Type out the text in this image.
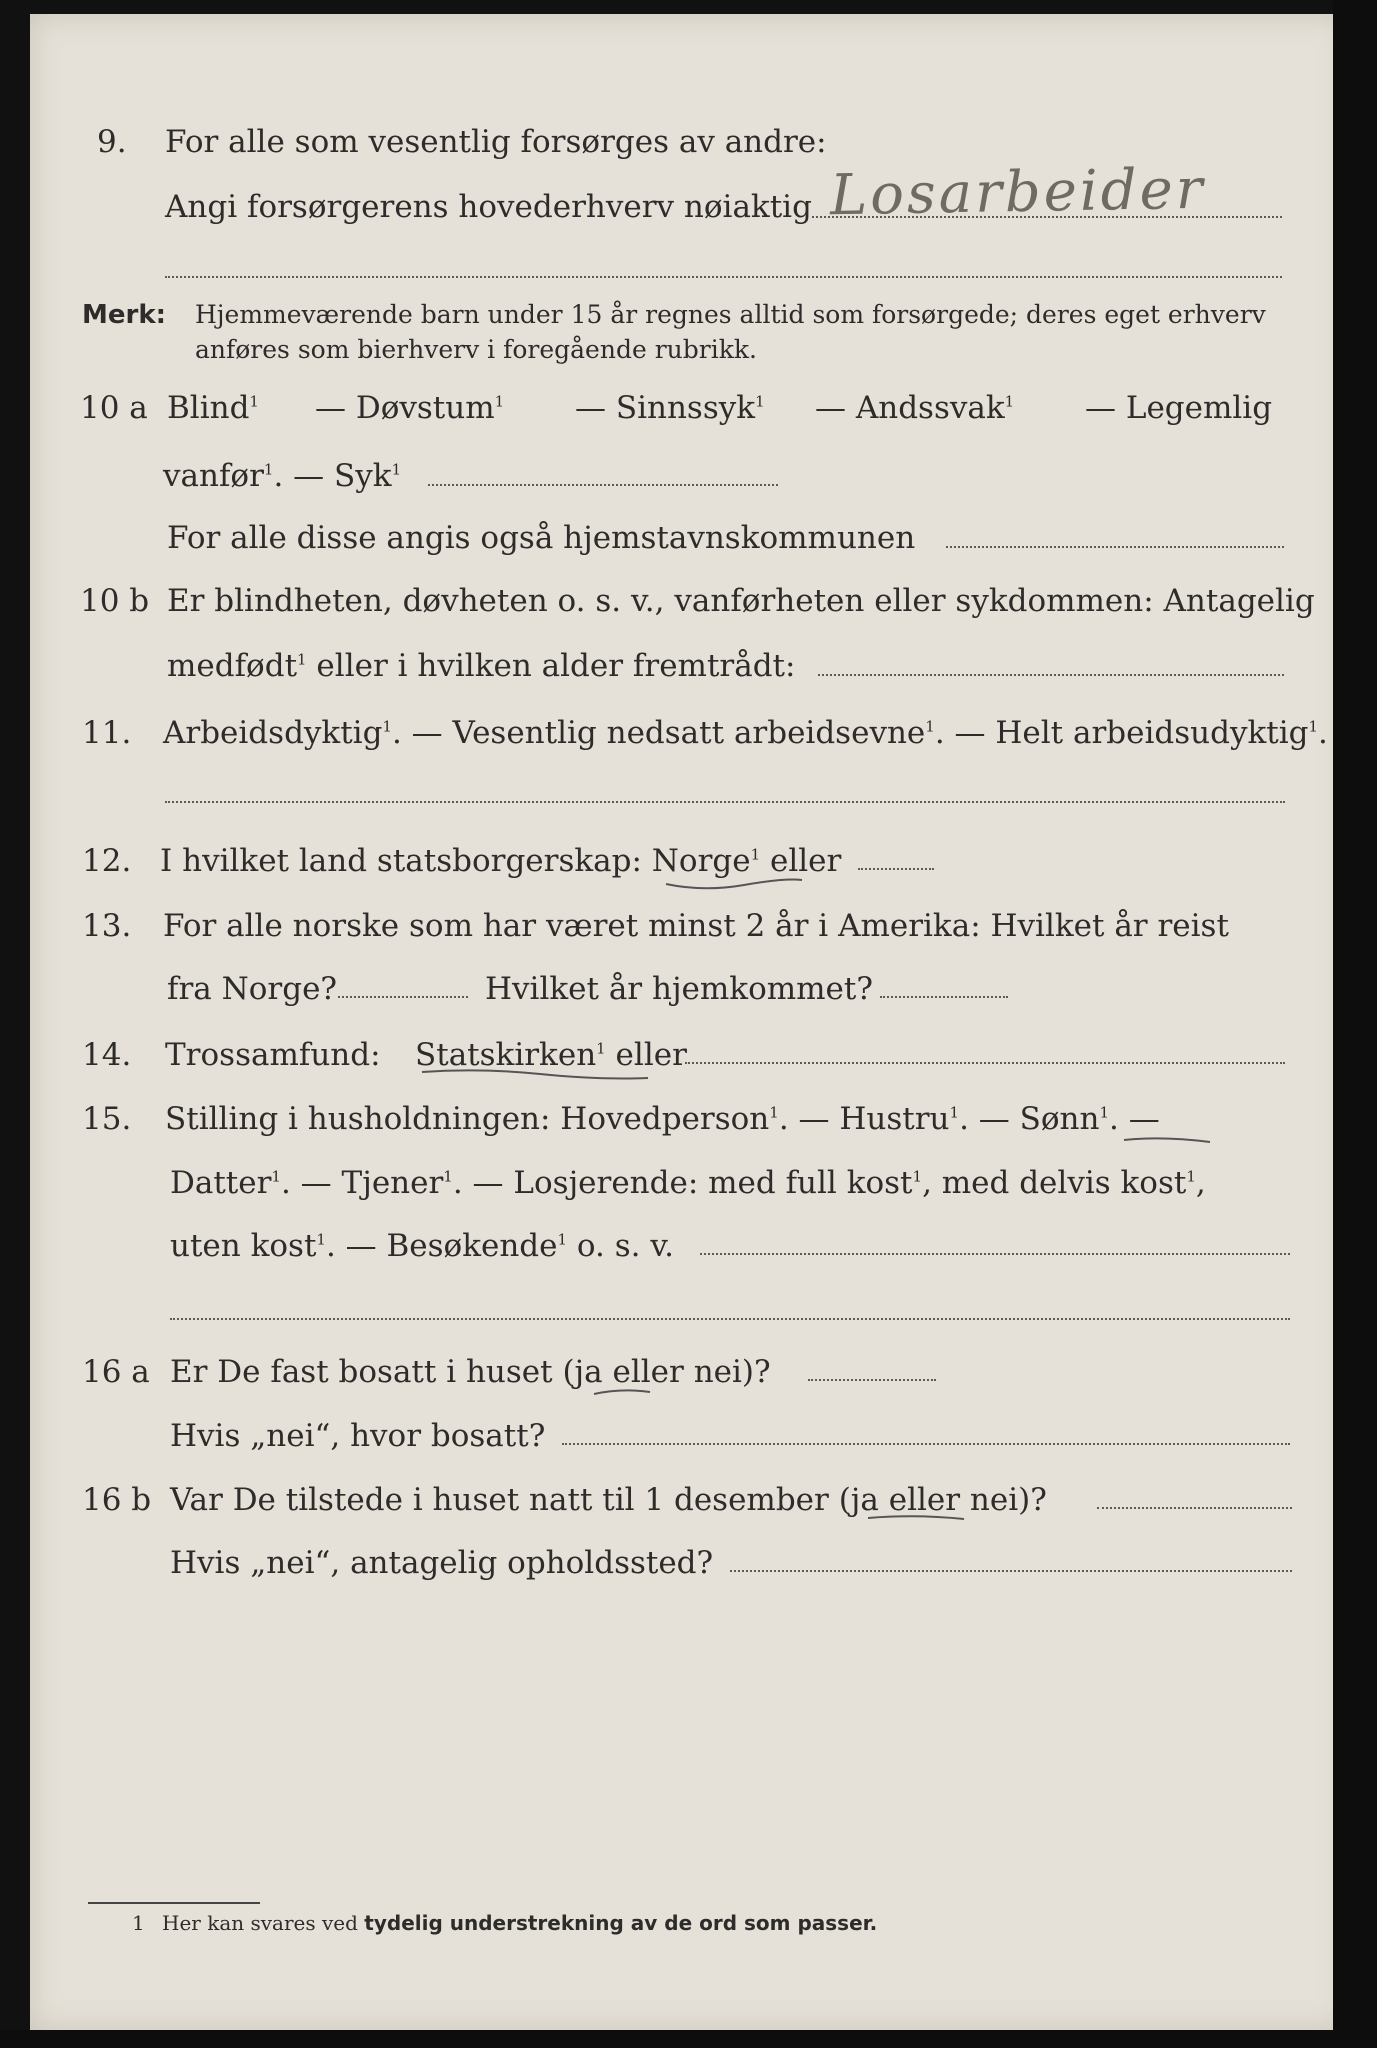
9. For alle som vesentlig forsørges av andre:
Angi forsørgerens hovederhverv nøiaktig Losarbeider
Merk: Hjemmeværende barn under 15 år regnes alltid som forsørgede; deres eget erhverv
anføres som bierhverv i foregående rubrikk.
10 a Blind$^1$ — Døvstum$^1$ — Sinnssyk$^1$ — Andssvak$^1$ — Legemlig
vanfør$^1$. — Syk$^1$
For alle disse angis også hjemstavnskommunen
10 b Er blindheten, døvheten o. s. v., vanførheten eller sykdommen: Antagelig
medfødt$^1$ eller i hvilken alder fremtrådt:
11. Arbeidsdyktig$^1$. — Vesentlig nedsatt arbeidsevne$^1$. — Helt arbeidsudyktig$^1$.
12. I hvilket land statsborgerskap: Norge$^1$ eller
13. For alle norske som har været minst 2 år i Amerika: Hvilket år reist
fra Norge?	Hvilket år hjemkommet?
14. Trossamfund: Statskirken$^1$ eller
15. Stilling i husholdningen: Hovedperson$^1$. — Hustru$^1$. — Sønn$^1$. —
Datter$^1$. — Tjener$^1$. — Losjerende: med full kost$^1$, med delvis kost$^1$,
uten kost$^1$. — Besøkende$^1$ o. s. v.
16 a Er De fast bosatt i huset (ja eller nei)?
Hvis „nei“, hvor bosatt?
16 b Var De tilstede i huset natt til 1 desember (ja eller nei)?
Hvis „nei“, antagelig opholdssted?
1 Her kan svares ved tydelig understrekning av de ord som passer.
